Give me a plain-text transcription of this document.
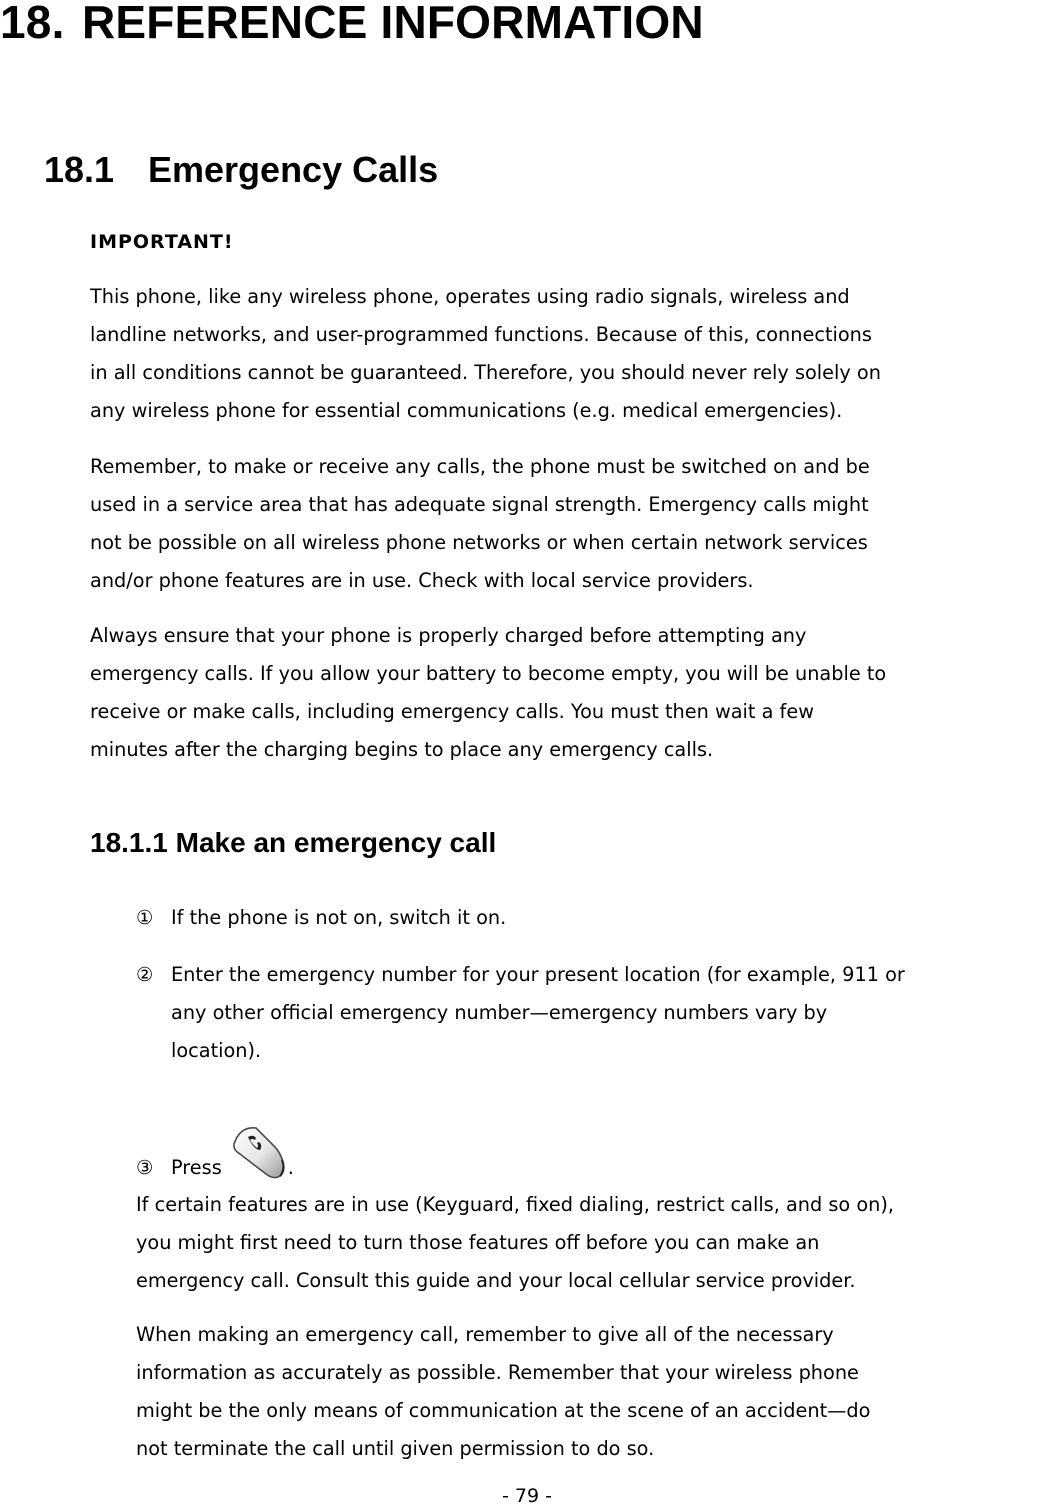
18. REFERENCE INFORMATION
18.1 Emergency Calls
IMPORTANT!
This phone, like any wireless phone, operates using radio signals, wireless and
landline networks, and user-programmed functions. Because of this, connections
in all conditions cannot be guaranteed. Therefore, you should never rely solely on
any wireless phone for essential communications (e.g. medical emergencies).
Remember, to make or receive any calls, the phone must be switched on and be
used in a service area that has adequate signal strength. Emergency calls might
not be possible on all wireless phone networks or when certain network services
and/or phone features are in use. Check with local service providers.
Always ensure that your phone is properly charged before attempting any
emergency calls. If you allow your battery to become empty, you will be unable to
receive or make calls, including emergency calls. You must then wait a few
minutes after the charging begins to place any emergency calls.
18.1.1 Make an emergency call
① If the phone is not on, switch it on.
② Enter the emergency number for your present location (for example, 911 or
any other official emergency number—emergency numbers vary by
location).
③ Press	.
If certain features are in use (Keyguard, fixed dialing, restrict calls, and so on),
you might first need to turn those features off before you can make an
emergency call. Consult this guide and your local cellular service provider.
When making an emergency call, remember to give all of the necessary
information as accurately as possible. Remember that your wireless phone
might be the only means of communication at the scene of an accident—do
not terminate the call until given permission to do so.
- 79 -
